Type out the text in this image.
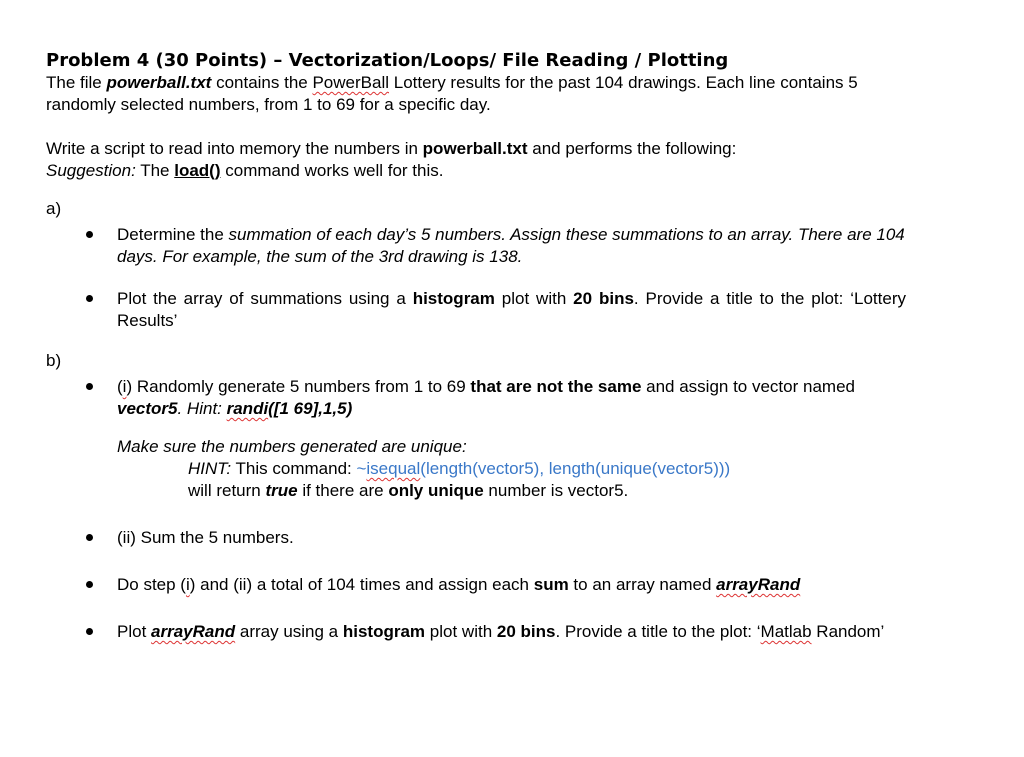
Problem 4 (30 Points) – Vectorization/Loops/ File Reading / Plotting

The file powerball.txt contains the PowerBall Lottery results for the past 104 drawings. Each line contains 5 randomly selected numbers, from 1 to 69 for a specific day.

Write a script to read into memory the numbers in powerball.txt and performs the following:

Suggestion: The load() command works well for this.

a)
Determine the summation of each day’s 5 numbers. Assign these summations to an array. There are 104 days. For example, the sum of the 3rd drawing is 138.
Plot the array of summations using a histogram plot with 20 bins. Provide a title to the plot: ‘Lottery Results’
b)
(i) Randomly generate 5 numbers from 1 to 69 that are not the same and assign to vector named vector5. Hint: randi([1 69],1,5)
Make sure the numbers generated are unique:
HINT: This command: ~isequal(length(vector5), length(unique(vector5)))
will return true if there are only unique number is vector5.
(ii) Sum the 5 numbers.
Do step (i) and (ii) a total of 104 times and assign each sum to an array named arrayRand
Plot arrayRand array using a histogram plot with 20 bins. Provide a title to the plot: ‘Matlab Random’
